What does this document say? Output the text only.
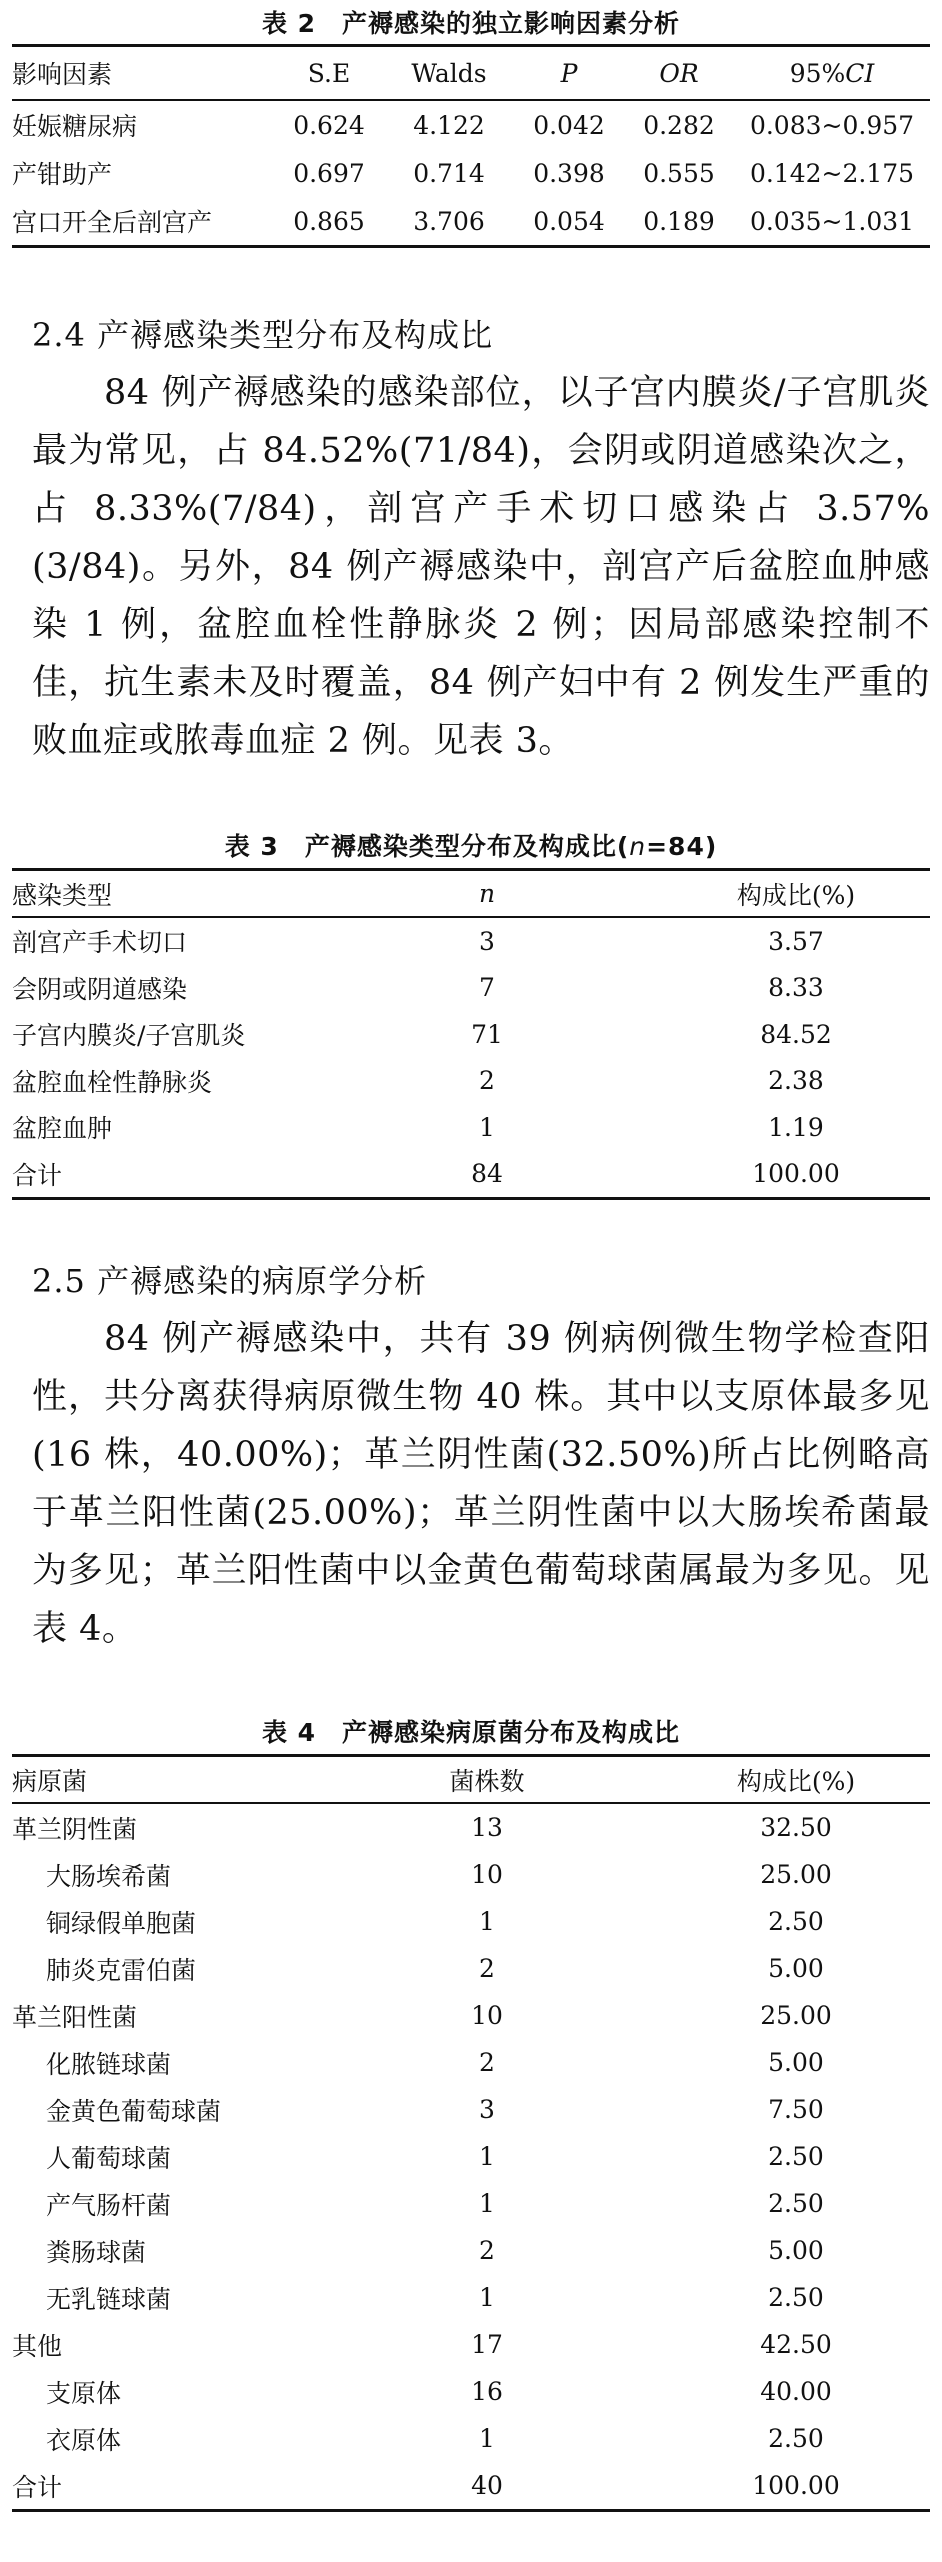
表 2　产褥感染的独立影响因素分析
影响因素	S.E	Walds	P	OR	95%CI
妊娠糖尿病	0.624	4.122	0.042	0.282	0.083~0.957
产钳助产	0.697	0.714	0.398	0.555	0.142~2.175
宫口开全后剖宫产	0.865	3.706	0.054	0.189	0.035~1.031
2.4 产褥感染类型分布及构成比

84 例产褥感染的感染部位，以子宫内膜炎/子宫肌炎最为常见，占 84.52%(71/84)，会阴或阴道感染次之，占 8.33%(7/84)，剖宫产手术切口感染占 3.57%(3/84)。另外，84 例产褥感染中，剖宫产后盆腔血肿感染 1 例，盆腔血栓性静脉炎 2 例；因局部感染控制不佳，抗生素未及时覆盖，84 例产妇中有 2 例发生严重的败血症或脓毒血症 2 例。见表 3。

表 3　产褥感染类型分布及构成比(n=84)
感染类型	n	构成比(%)
剖宫产手术切口	3	3.57
会阴或阴道感染	7	8.33
子宫内膜炎/子宫肌炎	71	84.52
盆腔血栓性静脉炎	2	2.38
盆腔血肿	1	1.19
合计	84	100.00
2.5 产褥感染的病原学分析

84 例产褥感染中，共有 39 例病例微生物学检查阳性，共分离获得病原微生物 40 株。其中以支原体最多见(16 株，40.00%)；革兰阴性菌(32.50%)所占比例略高于革兰阳性菌(25.00%)；革兰阴性菌中以大肠埃希菌最为多见；革兰阳性菌中以金黄色葡萄球菌属最为多见。见表 4。

表 4　产褥感染病原菌分布及构成比
病原菌	菌株数	构成比(%)
革兰阴性菌	13	32.50
大肠埃希菌	10	25.00
铜绿假单胞菌	1	2.50
肺炎克雷伯菌	2	5.00
革兰阳性菌	10	25.00
化脓链球菌	2	5.00
金黄色葡萄球菌	3	7.50
人葡萄球菌	1	2.50
产气肠杆菌	1	2.50
粪肠球菌	2	5.00
无乳链球菌	1	2.50
其他	17	42.50
支原体	16	40.00
衣原体	1	2.50
合计	40	100.00
